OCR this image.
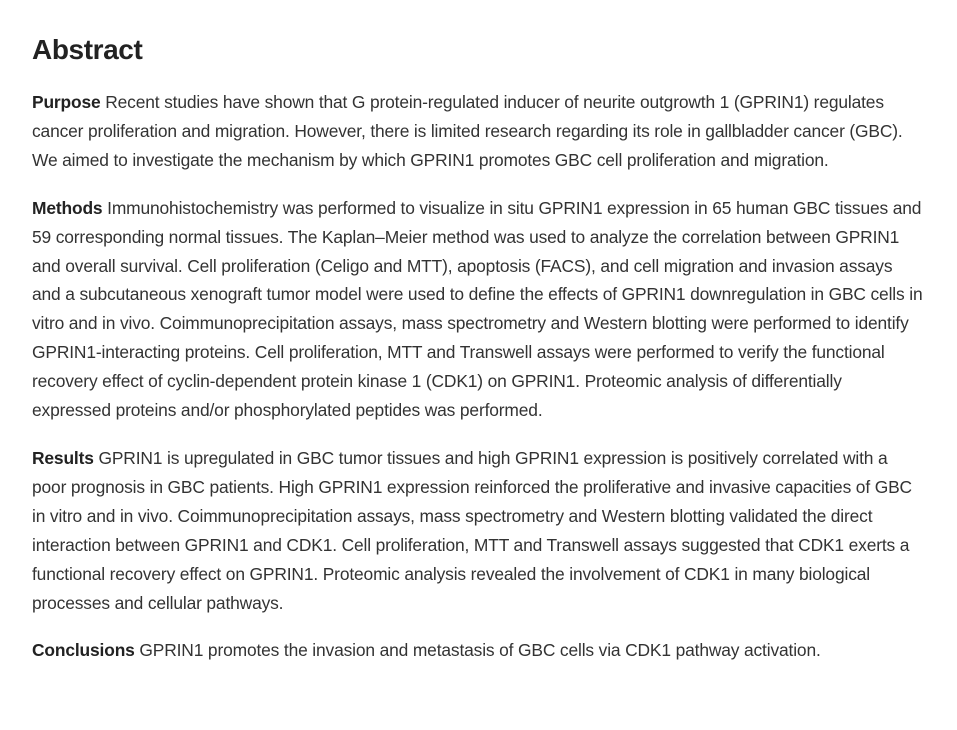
Abstract

Purpose Recent studies have shown that G protein-regulated inducer of neurite outgrowth 1 (GPRIN1) regulates cancer proliferation and migration. However, there is limited research regarding its role in gallbladder cancer (GBC). We aimed to investigate the mechanism by which GPRIN1 promotes GBC cell proliferation and migration.

Methods Immunohistochemistry was performed to visualize in situ GPRIN1 expression in 65 human GBC tissues and 59 corresponding normal tissues. The Kaplan–Meier method was used to analyze the correlation between GPRIN1 and overall survival. Cell proliferation (Celigo and MTT), apoptosis (FACS), and cell migration and invasion assays and a subcutaneous xenograft tumor model were used to define the effects of GPRIN1 downregulation in GBC cells in vitro and in vivo. Coimmunoprecipitation assays, mass spectrometry and Western blotting were performed to identify GPRIN1-interacting proteins. Cell proliferation, MTT and Transwell assays were performed to verify the functional recovery effect of cyclin-dependent protein kinase 1 (CDK1) on GPRIN1. Proteomic analysis of differentially expressed proteins and/or phosphorylated peptides was performed.

Results GPRIN1 is upregulated in GBC tumor tissues and high GPRIN1 expression is positively correlated with a poor prognosis in GBC patients. High GPRIN1 expression reinforced the proliferative and invasive capacities of GBC in vitro and in vivo. Coimmunoprecipitation assays, mass spectrometry and Western blotting validated the direct interaction between GPRIN1 and CDK1. Cell proliferation, MTT and Transwell assays suggested that CDK1 exerts a functional recovery effect on GPRIN1. Proteomic analysis revealed the involvement of CDK1 in many biological processes and cellular pathways.

Conclusions GPRIN1 promotes the invasion and metastasis of GBC cells via CDK1 pathway activation.
